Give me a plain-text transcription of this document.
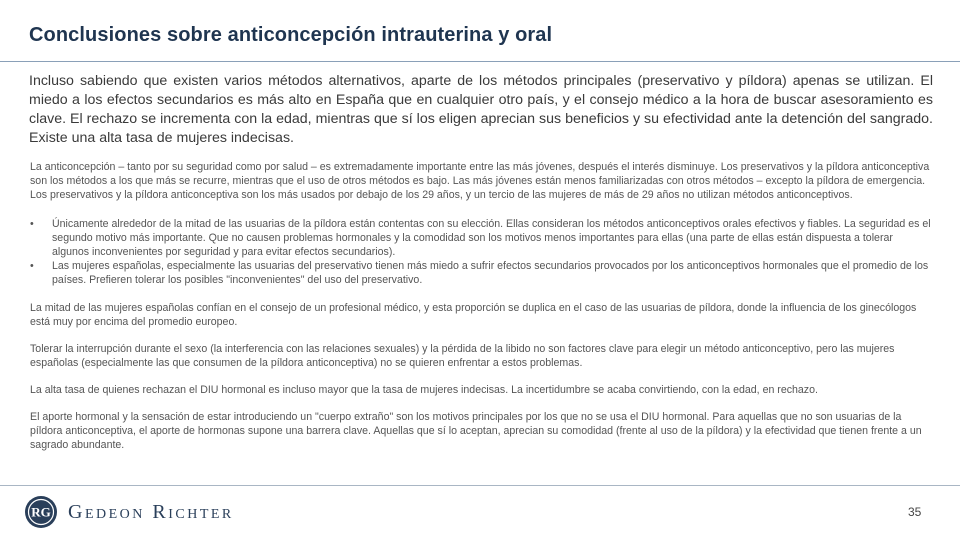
Conclusiones sobre anticoncepción intrauterina y oral

Incluso sabiendo que existen varios métodos alternativos, aparte de los métodos principales (preservativo y píldora) apenas se utilizan. El miedo a los efectos secundarios es más alto en España que en cualquier otro país, y el consejo médico a la hora de buscar asesoramiento es clave. El rechazo se incrementa con la edad, mientras que sí los eligen aprecian sus beneficios y su efectividad ante la detención del sangrado. Existe una alta tasa de mujeres indecisas.

La anticoncepción – tanto por su seguridad como por salud – es extremadamente importante entre las más jóvenes, después el interés disminuye. Los preservativos y la píldora anticonceptiva son los métodos a los que más se recurre, mientras que el uso de otros métodos es bajo. Las más jóvenes están menos familiarizadas con otros métodos – excepto la píldora de emergencia. Los preservativos y la píldora anticonceptiva son los más usados por debajo de los 29 años, y un tercio de las mujeres de más de 29 años no utilizan métodos anticonceptivos.

• Únicamente alrededor de la mitad de las usuarias de la píldora están contentas con su elección. Ellas consideran los métodos anticonceptivos orales efectivos y fiables. La seguridad es el segundo motivo más importante. Que no causen problemas hormonales y la comodidad son los motivos menos importantes para ellas (una parte de ellas están dispuesta a tolerar algunos inconvenientes por seguridad y para evitar efectos secundarios).
• Las mujeres españolas, especialmente las usuarias del preservativo tienen más miedo a sufrir efectos secundarios provocados por los anticonceptivos hormonales que el promedio de los países. Prefieren tolerar los posibles "inconvenientes" del uso del preservativo.

La mitad de las mujeres españolas confían en el consejo de un profesional médico, y esta proporción se duplica en el caso de las usuarias de píldora, donde la influencia de los ginecólogos está muy por encima del promedio europeo.

Tolerar la interrupción durante el sexo (la interferencia con las relaciones sexuales) y la pérdida de la libido no son factores clave para elegir un método anticonceptivo, pero las mujeres españolas (especialmente las que consumen de la píldora anticonceptiva) no se quieren enfrentar a estos problemas.

La alta tasa de quienes rechazan el DIU hormonal es incluso mayor que la tasa de mujeres indecisas. La incertidumbre se acaba convirtiendo, con la edad, en rechazo.

El aporte hormonal y la sensación de estar introduciendo un "cuerpo extraño" son los motivos principales por los que no se usa el DIU hormonal. Para aquellas que no son usuarias de la píldora anticonceptiva, el aporte de hormonas supone una barrera clave. Aquellas que sí lo aceptan, aprecian su comodidad (frente al uso de la píldora) y la efectividad que tienen frente a un sagrado abundante.

RG Gedeon Richter	35
